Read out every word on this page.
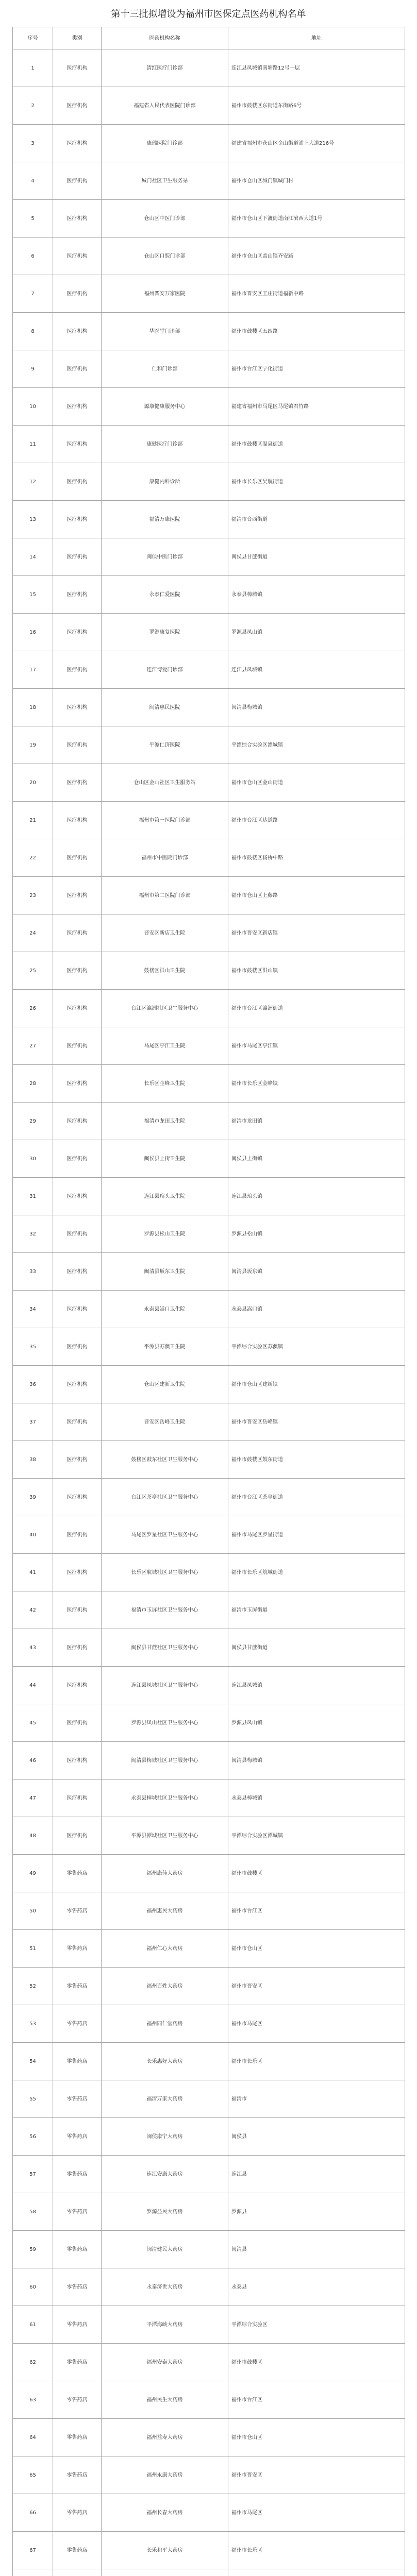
第十三批拟增设为福州市医保定点医药机构名单
序号	类别	医药机构名称	地址
1	医疗机构	清红医疗门诊部	连江县凤城镇南塘路12号一层
2	医疗机构	福建省人民代表医院门诊部	福州市鼓楼区东街道东街路6号
3	医疗机构	康瑞医院门诊部	福建省福州市仓山区金山街道浦上大道216号
4	医疗机构	城门社区卫生服务站	福州市仓山区城门镇城门村
5	医疗机构	仓山区中医门诊部	福州市仓山区下渡街道南江滨西大道1号
6	医疗机构	仓山区口腔门诊部	福州市仓山区盖山镇齐安路
7	医疗机构	福州晋安万家医院	福州市晋安区王庄街道福新中路
8	医疗机构	华医堂门诊部	福州市鼓楼区五四路
9	医疗机构	仁和门诊部	福州市台江区宁化街道
10	医疗机构	源康健康服务中心	福建省福州市马尾区马尾镇君竹路
11	医疗机构	康健医疗门诊部	福州市鼓楼区温泉街道
12	医疗机构	康健内科诊所	福州市长乐区吴航街道
13	医疗机构	福清万康医院	福清市音西街道
14	医疗机构	闽侯中医门诊部	闽侯县甘蔗街道
15	医疗机构	永泰仁爱医院	永泰县樟城镇
16	医疗机构	罗源康复医院	罗源县凤山镇
17	医疗机构	连江博爱门诊部	连江县凤城镇
18	医疗机构	闽清惠民医院	闽清县梅城镇
19	医疗机构	平潭仁济医院	平潭综合实验区潭城镇
20	医疗机构	仓山区金山社区卫生服务站	福州市仓山区金山街道
21	医疗机构	福州市第一医院门诊部	福州市台江区达道路
22	医疗机构	福州市中医院门诊部	福州市鼓楼区杨桥中路
23	医疗机构	福州市第二医院门诊部	福州市仓山区上藤路
24	医疗机构	晋安区新店卫生院	福州市晋安区新店镇
25	医疗机构	鼓楼区洪山卫生院	福州市鼓楼区洪山镇
26	医疗机构	台江区瀛洲社区卫生服务中心	福州市台江区瀛洲街道
27	医疗机构	马尾区亭江卫生院	福州市马尾区亭江镇
28	医疗机构	长乐区金峰卫生院	福州市长乐区金峰镇
29	医疗机构	福清市龙田卫生院	福清市龙田镇
30	医疗机构	闽侯县上街卫生院	闽侯县上街镇
31	医疗机构	连江县琯头卫生院	连江县琯头镇
32	医疗机构	罗源县松山卫生院	罗源县松山镇
33	医疗机构	闽清县坂东卫生院	闽清县坂东镇
34	医疗机构	永泰县嵩口卫生院	永泰县嵩口镇
35	医疗机构	平潭县苏澳卫生院	平潭综合实验区苏澳镇
36	医疗机构	仓山区建新卫生院	福州市仓山区建新镇
37	医疗机构	晋安区岳峰卫生院	福州市晋安区岳峰镇
38	医疗机构	鼓楼区鼓东社区卫生服务中心	福州市鼓楼区鼓东街道
39	医疗机构	台江区茶亭社区卫生服务中心	福州市台江区茶亭街道
40	医疗机构	马尾区罗星社区卫生服务中心	福州市马尾区罗星街道
41	医疗机构	长乐区航城社区卫生服务中心	福州市长乐区航城街道
42	医疗机构	福清市玉屏社区卫生服务中心	福清市玉屏街道
43	医疗机构	闽侯县甘蔗社区卫生服务中心	闽侯县甘蔗街道
44	医疗机构	连江县凤城社区卫生服务中心	连江县凤城镇
45	医疗机构	罗源县凤山社区卫生服务中心	罗源县凤山镇
46	医疗机构	闽清县梅城社区卫生服务中心	闽清县梅城镇
47	医疗机构	永泰县樟城社区卫生服务中心	永泰县樟城镇
48	医疗机构	平潭县潭城社区卫生服务中心	平潭综合实验区潭城镇
49	零售药店	福州康佳大药房	福州市鼓楼区
50	零售药店	福州惠民大药房	福州市台江区
51	零售药店	福州仁心大药房	福州市仓山区
52	零售药店	福州百姓大药房	福州市晋安区
53	零售药店	福州同仁堂药房	福州市马尾区
54	零售药店	长乐惠好大药房	福州市长乐区
55	零售药店	福清万家大药房	福清市
56	零售药店	闽侯康宁大药房	闽侯县
57	零售药店	连江安康大药房	连江县
58	零售药店	罗源益民大药房	罗源县
59	零售药店	闽清健民大药房	闽清县
60	零售药店	永泰济世大药房	永泰县
61	零售药店	平潭海峡大药房	平潭综合实验区
62	零售药店	福州安泰大药房	福州市鼓楼区
63	零售药店	福州民生大药房	福州市台江区
64	零售药店	福州益寿大药房	福州市仓山区
65	零售药店	福州永康大药房	福州市晋安区
66	零售药店	福州长春大药房	福州市马尾区
67	零售药店	长乐和平大药房	福州市长乐区
